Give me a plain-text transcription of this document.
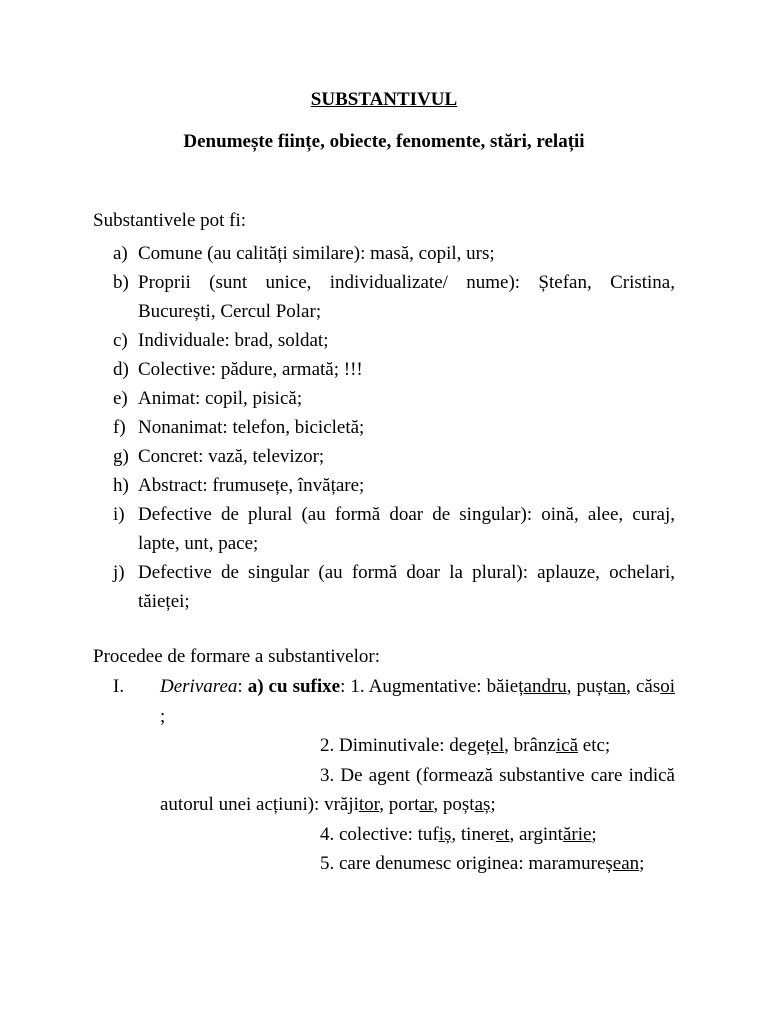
SUBSTANTIVUL
Denumește ființe, obiecte, fenomente, stări, relații
Substantivele pot fi:
a) Comune (au calități similare): masă, copil, urs;
b) Proprii (sunt unice, individualizate/ nume): Ștefan, Cristina, București, Cercul Polar;
c) Individuale: brad, soldat;
d) Colective: pădure, armată; !!!
e) Animat: copil, pisică;
f) Nonanimat: telefon, bicicletă;
g) Concret: vază, televizor;
h) Abstract: frumusețe, învățare;
i) Defective de plural (au formă doar de singular): oină, alee, curaj, lapte, unt, pace;
j) Defective de singular (au formă doar la plural): aplauze, ochelari, tăieței;
Procedee de formare a substantivelor:
I. Derivarea: a) cu sufixe: 1. Augmentative: băiețandru, puștan, căsoi ;

2. Diminutivale: degețel, brânzică etc;

3. De agent (formează substantive care indică autorul unei acțiuni): vrăjitor, portar, poștaș;

4. colective: tufiș, tineret, argintărie;

5. care denumesc originea: maramureșean;
